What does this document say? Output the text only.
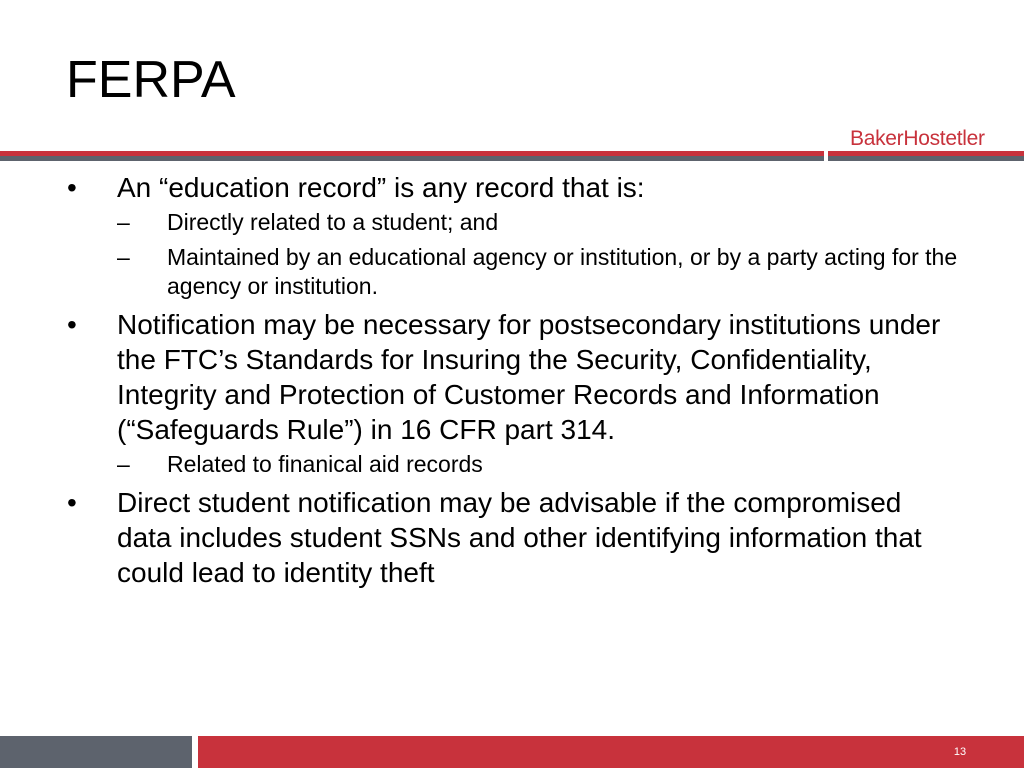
FERPA
BakerHostetler
• An “education record” is any record that is:
– Directly related to a student; and
– Maintained by an educational agency or institution, or by a party acting for the agency or institution.
• Notification may be necessary for postsecondary institutions under the FTC’s Standards for Insuring the Security, Confidentiality, Integrity and Protection of Customer Records and Information (“Safeguards Rule”) in 16 CFR part 314.
– Related to finanical aid records
• Direct student notification may be advisable if the compromised data includes student SSNs and other identifying information that could lead to identity theft
13
